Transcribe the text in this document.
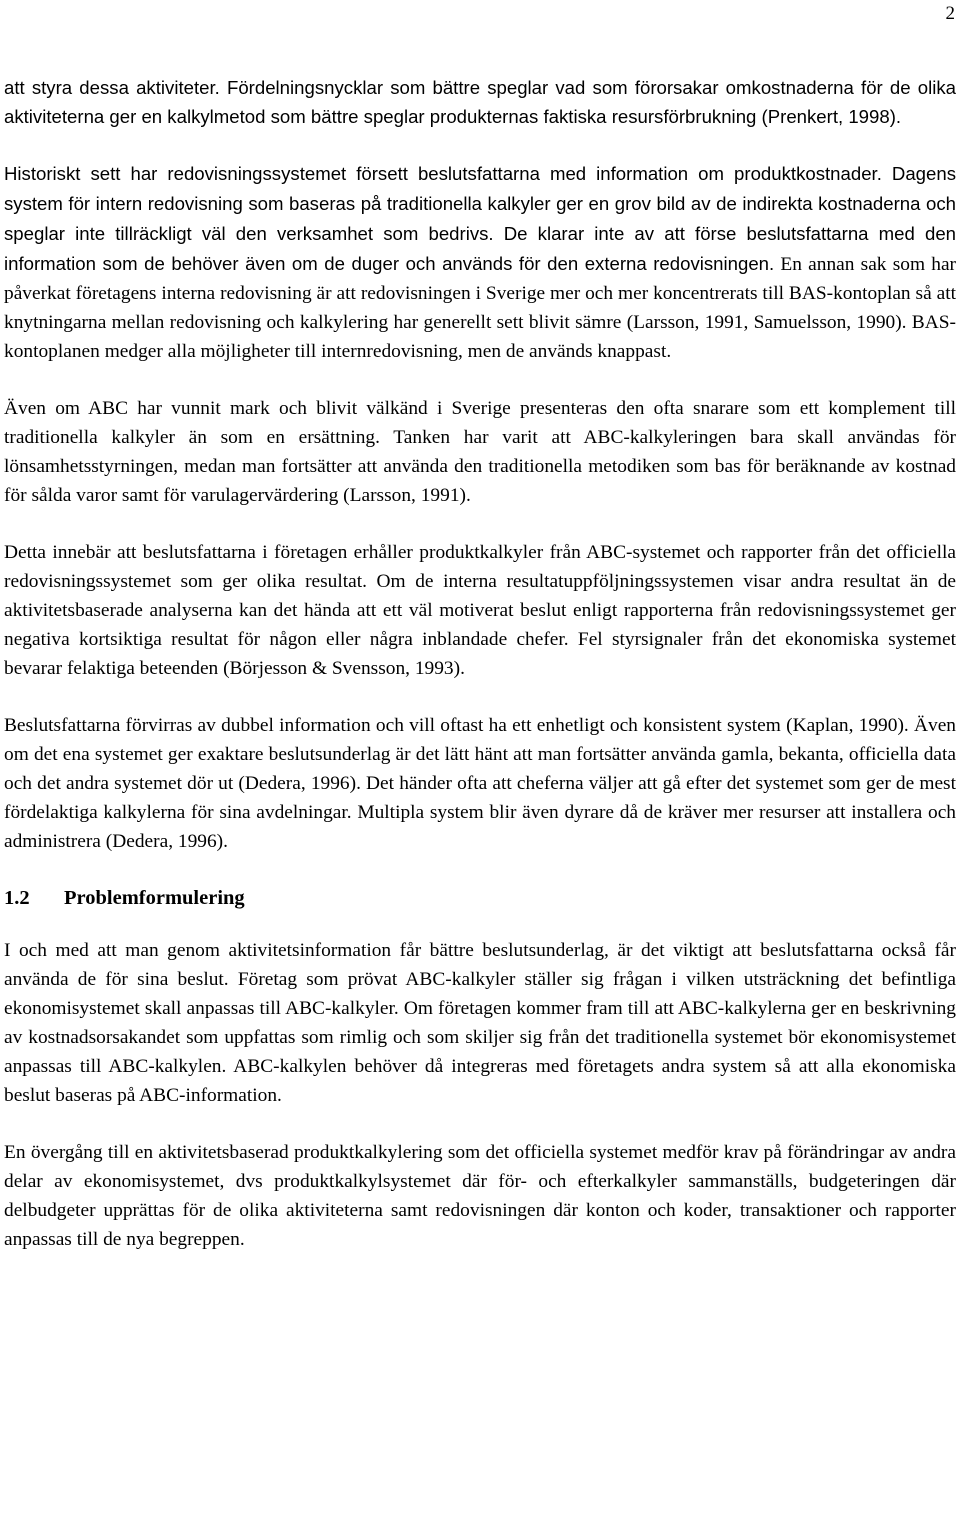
2

att styra dessa aktiviteter. Fördelningsnycklar som bättre speglar vad som förorsakar omkostnaderna för de olika aktiviteterna ger en kalkylmetod som bättre speglar produkternas faktiska resursförbrukning (Prenkert, 1998).

Historiskt sett har redovisningssystemet försett beslutsfattarna med information om produktkostnader. Dagens system för intern redovisning som baseras på traditionella kalkyler ger en grov bild av de indirekta kostnaderna och speglar inte tillräckligt väl den verksamhet som bedrivs. De klarar inte av att förse beslutsfattarna med den information som de behöver även om de duger och används för den externa redovisningen. En annan sak som har påverkat företagens interna redovisning är att redovisningen i Sverige mer och mer koncentrerats till BAS-kontoplan så att knytningarna mellan redovisning och kalkylering har generellt sett blivit sämre (Larsson, 1991, Samuelsson, 1990). BAS-kontoplanen medger alla möjligheter till internredovisning, men de används knappast.

Även om ABC har vunnit mark och blivit välkänd i Sverige presenteras den ofta snarare som ett komplement till traditionella kalkyler än som en ersättning. Tanken har varit att ABC-kalkyleringen bara skall användas för lönsamhetsstyrningen, medan man fortsätter att använda den traditionella metodiken som bas för beräknande av kostnad för sålda varor samt för varulagervärdering (Larsson, 1991).

Detta innebär att beslutsfattarna i företagen erhåller produktkalkyler från ABC-systemet och rapporter från det officiella redovisningssystemet som ger olika resultat. Om de interna resultatuppföljningssystemen visar andra resultat än de aktivitetsbaserade analyserna kan det hända att ett väl motiverat beslut enligt rapporterna från redovisningssystemet ger negativa kortsiktiga resultat för någon eller några inblandade chefer. Fel styrsignaler från det ekonomiska systemet bevarar felaktiga beteenden (Börjesson & Svensson, 1993).

Beslutsfattarna förvirras av dubbel information och vill oftast ha ett enhetligt och konsistent system (Kaplan, 1990). Även om det ena systemet ger exaktare beslutsunderlag är det lätt hänt att man fortsätter använda gamla, bekanta, officiella data och det andra systemet dör ut (Dedera, 1996). Det händer ofta att cheferna väljer att gå efter det systemet som ger de mest fördelaktiga kalkylerna för sina avdelningar. Multipla system blir även dyrare då de kräver mer resurser att installera och administrera (Dedera, 1996).

1.2 Problemformulering

I och med att man genom aktivitetsinformation får bättre beslutsunderlag, är det viktigt att beslutsfattarna också får använda de för sina beslut. Företag som prövat ABC-kalkyler ställer sig frågan i vilken utsträckning det befintliga ekonomisystemet skall anpassas till ABC-kalkyler. Om företagen kommer fram till att ABC-kalkylerna ger en beskrivning av kostnadsorsakandet som uppfattas som rimlig och som skiljer sig från det traditionella systemet bör ekonomisystemet anpassas till ABC-kalkylen. ABC-kalkylen behöver då integreras med företagets andra system så att alla ekonomiska beslut baseras på ABC-information.

En övergång till en aktivitetsbaserad produktkalkylering som det officiella systemet medför krav på förändringar av andra delar av ekonomisystemet, dvs produktkalkylsystemet där för- och efterkalkyler sammanställs, budgeteringen där delbudgeter upprättas för de olika aktiviteterna samt redovisningen där konton och koder, transaktioner och rapporter anpassas till de nya begreppen.
